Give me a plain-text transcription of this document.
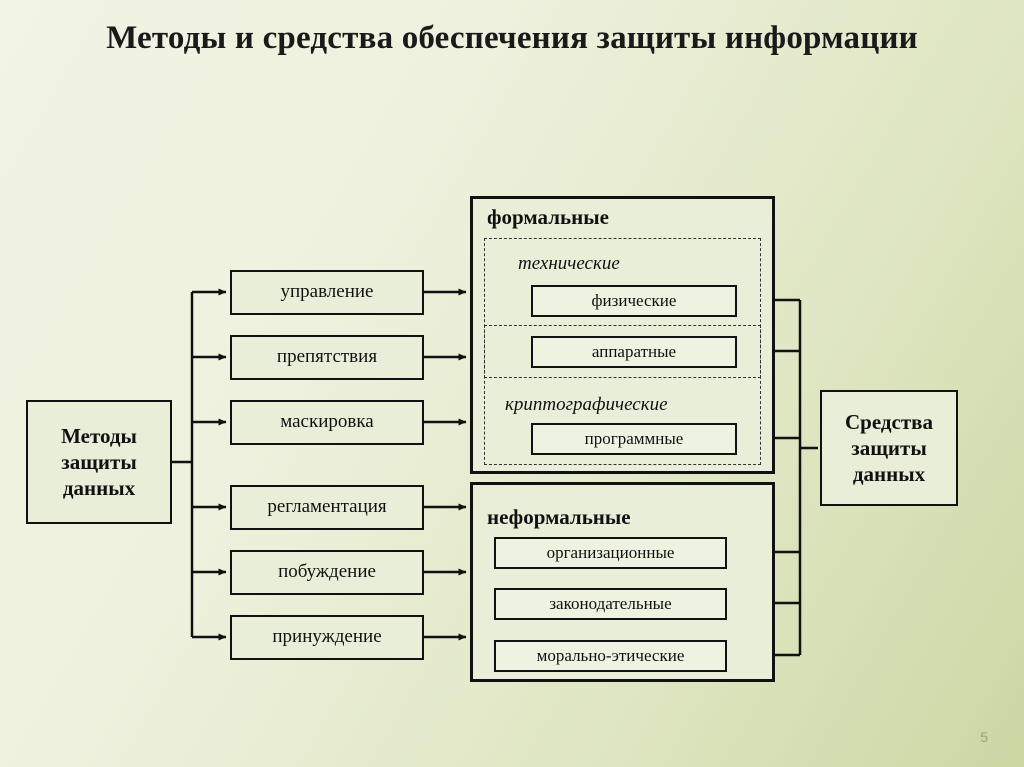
Методы и средства обеспечения защиты информации
Методы
защиты
данных
управление
препятствия
маскировка
регламентация
побуждение
принуждение
формальные
технические
физические
аппаратные
криптографические
программные
неформальные
организационные
законодательные
морально-этические
Средства
защиты
данных
5
